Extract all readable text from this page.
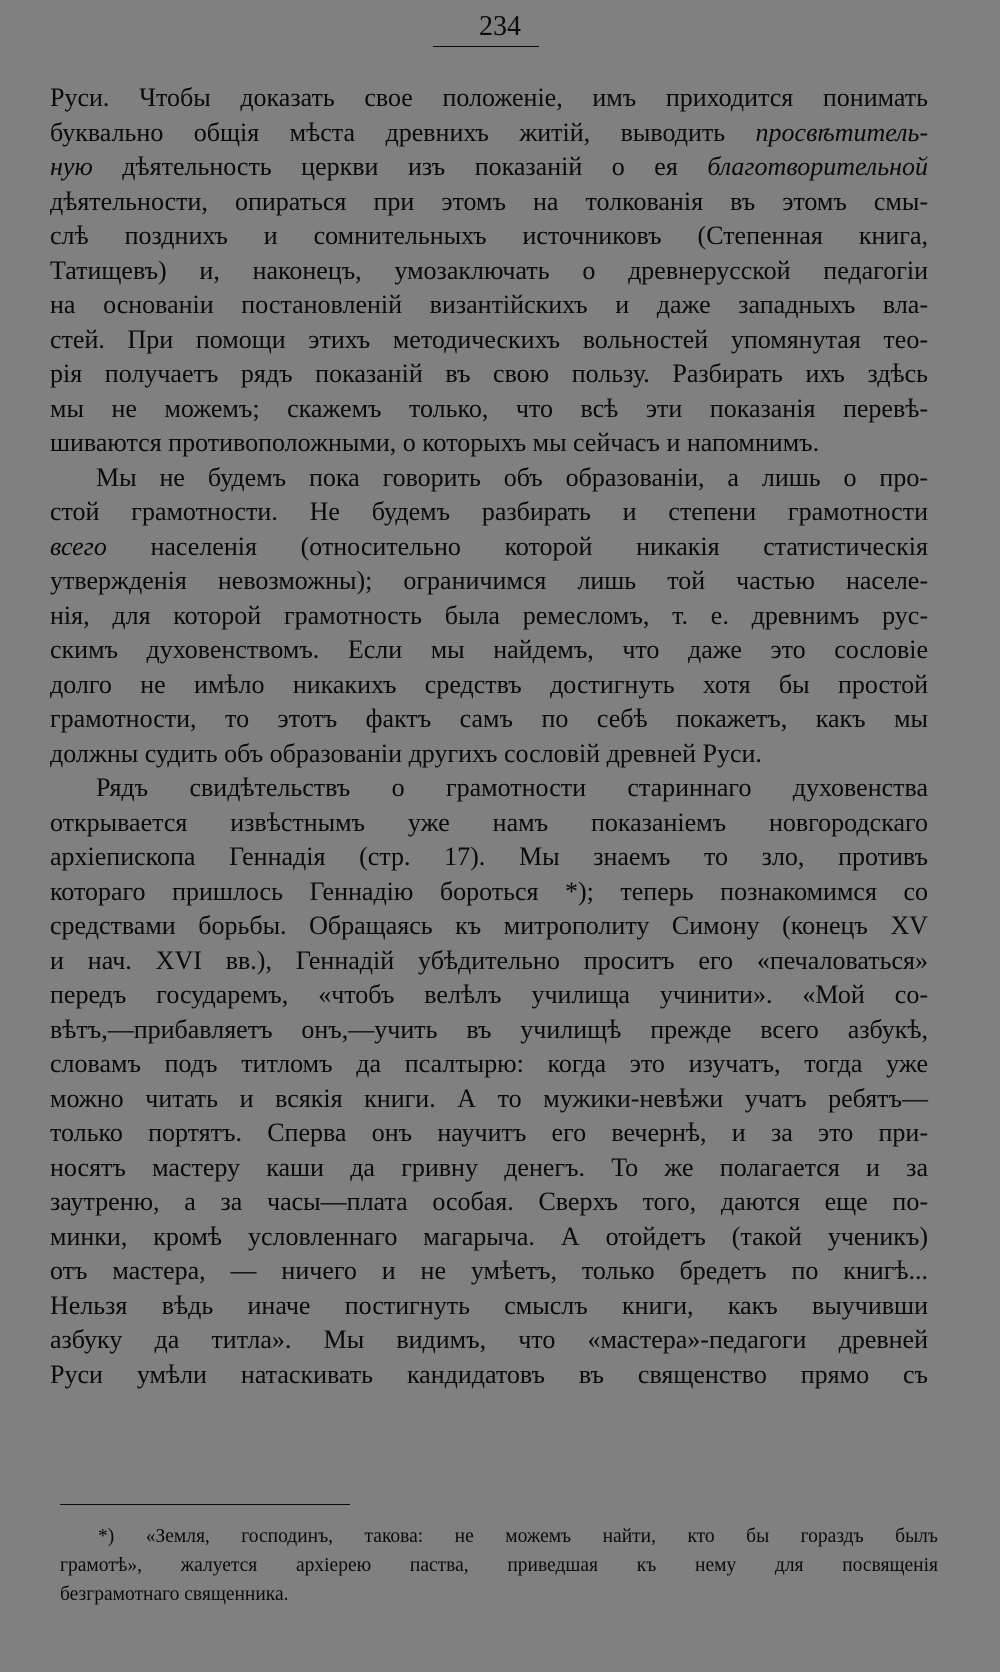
234
Руси. Чтобы доказать свое положеніе, имъ приходится понимать
буквально общія мѣста древнихъ житій, выводить просвѣтитель-
ную дѣятельность церкви изъ показаній о ея благотворительной
дѣятельности, опираться при этомъ на толкованія въ этомъ смы-
слѣ позднихъ и сомнительныхъ источниковъ (Степенная книга,
Татищевъ) и, наконецъ, умозаключать о древнерусской педагогіи
на основаніи постановленій византійскихъ и даже западныхъ вла-
стей. При помощи этихъ методическихъ вольностей упомянутая тео-
рія получаетъ рядъ показаній въ свою пользу. Разбирать ихъ здѣсь
мы не можемъ; скажемъ только, что всѣ эти показанія перевѣ-
шиваются противоположными, о которыхъ мы сейчасъ и напомнимъ.
Мы не будемъ пока говорить объ образованіи, а лишь о про-
стой грамотности. Не будемъ разбирать и степени грамотности
всего населенія (относительно которой никакія статистическія
утвержденія невозможны); ограничимся лишь той частью населе-
нія, для которой грамотность была ремесломъ, т. е. древнимъ рус-
скимъ духовенствомъ. Если мы найдемъ, что даже это сословіе
долго не имѣло никакихъ средствъ достигнуть хотя бы простой
грамотности, то этотъ фактъ самъ по себѣ покажетъ, какъ мы
должны судить объ образованіи другихъ сословій древней Руси.
Рядъ свидѣтельствъ о грамотности стариннаго духовенства
открывается извѣстнымъ уже намъ показаніемъ новгородскаго
архіепископа Геннадія (стр. 17). Мы знаемъ то зло, противъ
котораго пришлось Геннадію бороться *); теперь познакомимся со
средствами борьбы. Обращаясь къ митрополиту Симону (конецъ XV
и нач. XVI вв.), Геннадій убѣдительно проситъ его «печаловаться»
передъ государемъ, «чтобъ велѣлъ училища учинити». «Мой со-
вѣтъ,—прибавляетъ онъ,—учить въ училищѣ прежде всего азбукѣ,
словамъ подъ титломъ да псалтырю: когда это изучатъ, тогда уже
можно читать и всякія книги. А то мужики-невѣжи учатъ ребятъ—
только портятъ. Сперва онъ научитъ его вечернѣ, и за это при-
носятъ мастеру каши да гривну денегъ. То же полагается и за
заутреню, а за часы—плата особая. Сверхъ того, даются еще по-
минки, кромѣ условленнаго магарыча. А отойдетъ (такой ученикъ)
отъ мастера, — ничего и не умѣетъ, только бредетъ по книгѣ...
Нельзя вѣдь иначе постигнуть смыслъ книги, какъ выучивши
азбуку да титла». Мы видимъ, что «мастера»-педагоги древней
Руси умѣли натаскивать кандидатовъ въ священство прямо съ
*) «Земля, господинъ, такова: не можемъ найти, кто бы гораздъ былъ
грамотѣ», жалуется архіерею паства, приведшая къ нему для посвященія
безграмотнаго священника.
